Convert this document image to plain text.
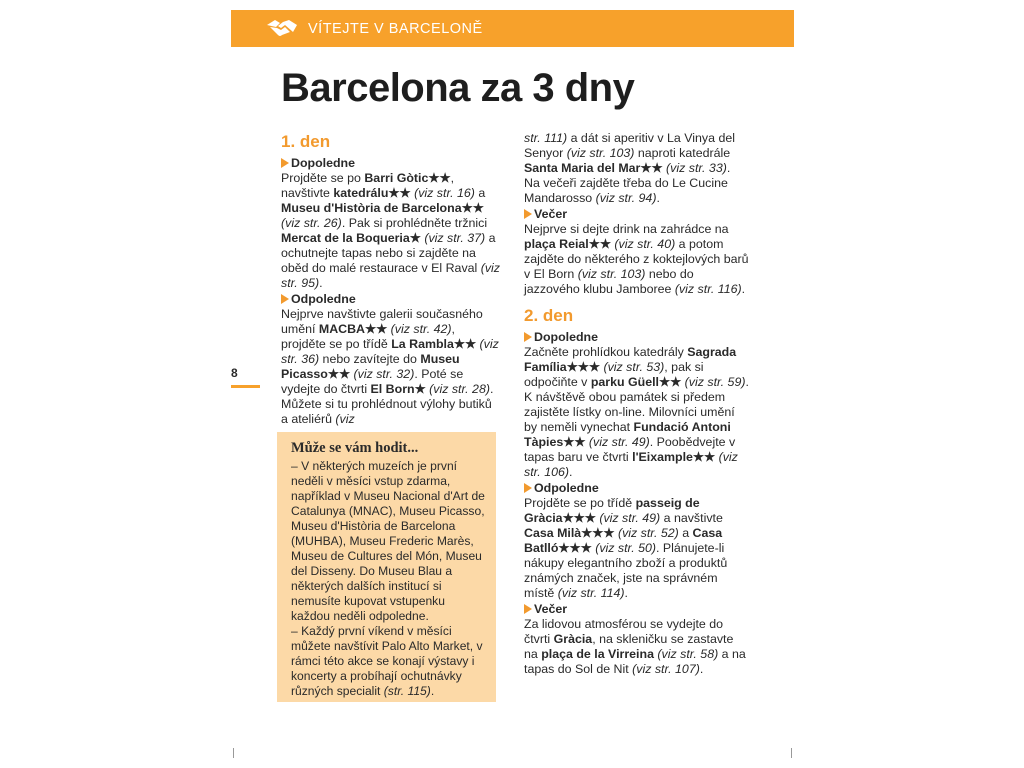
VÍTEJTE V BARCELONĚ
Barcelona za 3 dny
8
1. den
Dopoledne
Projděte se po Barri Gòtic★★, navštivte katedrálu★★ (viz str. 16) a Museu d'Història de Barcelona★★ (viz str. 26). Pak si prohlédněte tržnici Mercat de la Boqueria★ (viz str. 37) a ochutnejte tapas nebo si zajděte na oběd do malé restaurace v El Raval (viz str. 95).
Odpoledne
Nejprve navštivte galerii současného umění MACBA★★ (viz str. 42), projděte se po třídě La Rambla★★ (viz str. 36) nebo zavítejte do Museu Picasso★★ (viz str. 32). Poté se vydejte do čtvrti El Born★ (viz str. 28). Můžete si tu prohlédnout výlohy butiků a ateliérů (viz
Může se vám hodit...
– V některých muzeích je první neděli v měsíci vstup zdarma, například v Museu Nacional d'Art de Catalunya (MNAC), Museu Picasso, Museu d'Història de Barcelona (MUHBA), Museu Frederic Marès, Museu de Cultures del Món, Museu del Disseny. Do Museu Blau a některých dalších institucí si nemusíte kupovat vstupenku každou neděli odpoledne.
– Každý první víkend v měsíci můžete navštívit Palo Alto Market, v rámci této akce se konají výstavy i koncerty a probíhají ochutnávky různých specialit (str. 115).
str. 111) a dát si aperitiv v La Vinya del Senyor (viz str. 103) naproti katedrále Santa Maria del Mar★★ (viz str. 33). Na večeři zajděte třeba do Le Cucine Mandarosso (viz str. 94).
Večer
Nejprve si dejte drink na zahrádce na plaça Reial★★ (viz str. 40) a potom zajděte do některého z koktejlových barů v El Born (viz str. 103) nebo do jazzového klubu Jamboree (viz str. 116).
2. den
Dopoledne
Začněte prohlídkou katedrály Sagrada Família★★★ (viz str. 53), pak si odpočiňte v parku Güell★★ (viz str. 59). K návštěvě obou památek si předem zajistěte lístky on-line. Milovníci umění by neměli vynechat Fundació Antoni Tàpies★★ (viz str. 49). Poobědvejte v tapas baru ve čtvrti l'Eixample★★ (viz str. 106).
Odpoledne
Projděte se po třídě passeig de Gràcia★★★ (viz str. 49) a navštivte Casa Milà★★★ (viz str. 52) a Casa Batlló★★★ (viz str. 50). Plánujete-li nákupy elegantního zboží a produktů známých značek, jste na správném místě (viz str. 114).
Večer
Za lidovou atmosférou se vydejte do čtvrti Gràcia, na skleničku se zastavte na plaça de la Virreina (viz str. 58) a na tapas do Sol de Nit (viz str. 107).
